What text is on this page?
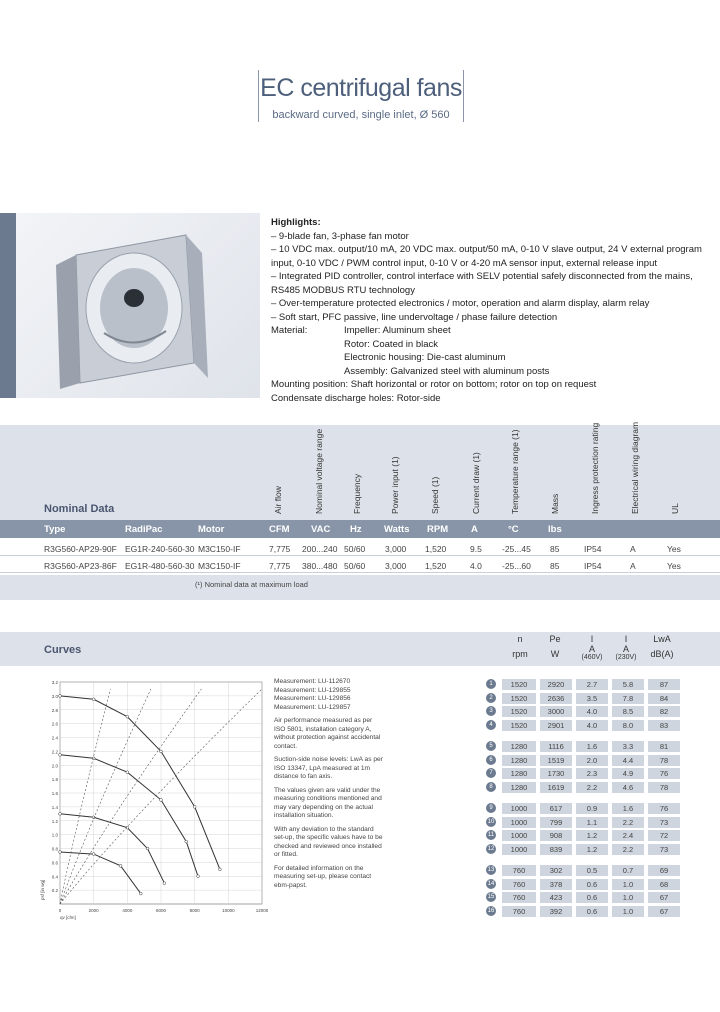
EC centrifugal fans

backward curved, single inlet, Ø 560

Highlights:
– 9-blade fan, 3-phase fan motor
– 10 VDC max. output/10 mA, 20 VDC max. output/50 mA, 0-10 V slave output, 24 V external program
input, 0-10 VDC / PWM control input, 0-10 V or 4-20 mA sensor input, external release input
– Integrated PID controller, control interface with SELV potential safely disconnected from the mains,
RS485 MODBUS RTU technology
– Over-temperature protected electronics / motor, operation and alarm display, alarm relay
– Soft start, PFC passive, line undervoltage / phase failure detection
Material:	Impeller: Aluminum sheet
Rotor: Coated in black
Electronic housing: Die-cast aluminum
Assembly: Galvanized steel with aluminum posts
Mounting position: Shaft horizontal or rotor on bottom; rotor on top on request
Condensate discharge holes: Rotor-side
Air flow	Nominal voltage range	Frequency	Power input (1)	Speed (1)	Current draw (1)	Temperature range (1)	Mass	Ingress protection rating	Electrical wiring diagram	UL
Nominal Data
Type	RadiPac	Motor	CFM VAC Hz Watts RPM A	°C	lbs
R3G560-AP29-90F EG1R-240-560-30 M3C150-IF	7,775 200...240 50/60 3,000 1,520	9.5 -25...45 85	IP54	A	Yes
R3G560-AP23-86F EG1R-480-560-30 M3C150-IF	7,775 380...480 50/60 3,000 1,520	4.0 -25...60 85	IP54	A	Yes
(¹) Nominal data at maximum load
Curves
n
rpm
Pe
W
I
A
(460V)
I
A
(230V)
LwA
dB(A)
0.2
0.4
0.6
0.8
1.0
1.2
1.4
1.6
1.8
2.0
2.2
2.4
2.6
2.8
3.0
3.2
0	2000	4000	6000	8000	10000	12000
qv [cfm]
psf [in wg]

Measurement: LU-112670
Measurement: LU-129855
Measurement: LU-129856
Measurement: LU-129857

Air performance measured as per ISO 5801, installation category A, without protection against accidental contact.

Suction-side noise levels: LwA as per ISO 13347, LpA measured at 1m distance to fan axis.

The values given are valid under the measuring conditions mentioned and may vary depending on the actual installation situation.

With any deviation to the standard set-up, the specific values have to be checked and reviewed once installed or fitted.

For detailed information on the measuring set-up, please contact ebm-papst.

1	1520	2920	2.7	5.8	87
2	1520	2636	3.5	7.8	84
3	1520	3000	4.0	8.5	82
4	1520	2901	4.0	8.0	83
5	1280	1116	1.6	3.3	81
6	1280	1519	2.0	4.4	78
7	1280	1730	2.3	4.9	76
8	1280	1619	2.2	4.6	78
9	1000	617	0.9	1.6	76
10	1000	799	1.1	2.2	73
11	1000	908	1.2	2.4	72
12	1000	839	1.2	2.2	73
13	760	302	0.5	0.7	69
14	760	378	0.6	1.0	68
15	760	423	0.6	1.0	67
16	760	392	0.6	1.0	67
